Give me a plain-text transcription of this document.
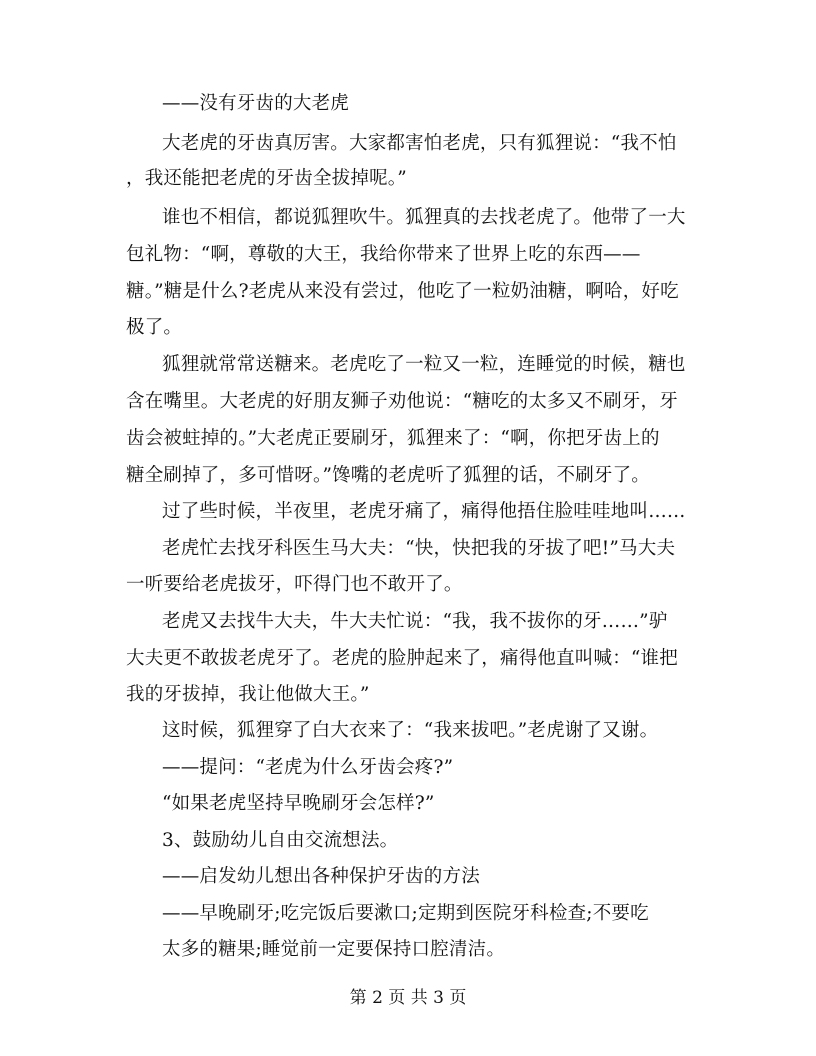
——没有牙齿的大老虎
大老虎的牙齿真厉害。大家都害怕老虎，只有狐狸说：“我不怕
，我还能把老虎的牙齿全拔掉呢。”
谁也不相信，都说狐狸吹牛。狐狸真的去找老虎了。他带了一大
包礼物：“啊，尊敬的大王，我给你带来了世界上吃的东西——
糖。”糖是什么?老虎从来没有尝过，他吃了一粒奶油糖，啊哈，好吃
极了。
狐狸就常常送糖来。老虎吃了一粒又一粒，连睡觉的时候，糖也
含在嘴里。大老虎的好朋友狮子劝他说：“糖吃的太多又不刷牙，牙
齿会被蛀掉的。”大老虎正要刷牙，狐狸来了：“啊，你把牙齿上的
糖全刷掉了，多可惜呀。”馋嘴的老虎听了狐狸的话，不刷牙了。
过了些时候，半夜里，老虎牙痛了，痛得他捂住脸哇哇地叫……
老虎忙去找牙科医生马大夫：“快，快把我的牙拔了吧!”马大夫
一听要给老虎拔牙，吓得门也不敢开了。
老虎又去找牛大夫，牛大夫忙说：“我，我不拔你的牙……”驴
大夫更不敢拔老虎牙了。老虎的脸肿起来了，痛得他直叫喊：“谁把
我的牙拔掉，我让他做大王。”
这时候，狐狸穿了白大衣来了：“我来拔吧。”老虎谢了又谢。
——提问：“老虎为什么牙齿会疼?”
“如果老虎坚持早晚刷牙会怎样?”
3、鼓励幼儿自由交流想法。
——启发幼儿想出各种保护牙齿的方法
——早晚刷牙;吃完饭后要漱口;定期到医院牙科检查;不要吃
太多的糖果;睡觉前一定要保持口腔清洁。
第 2 页 共 3 页
